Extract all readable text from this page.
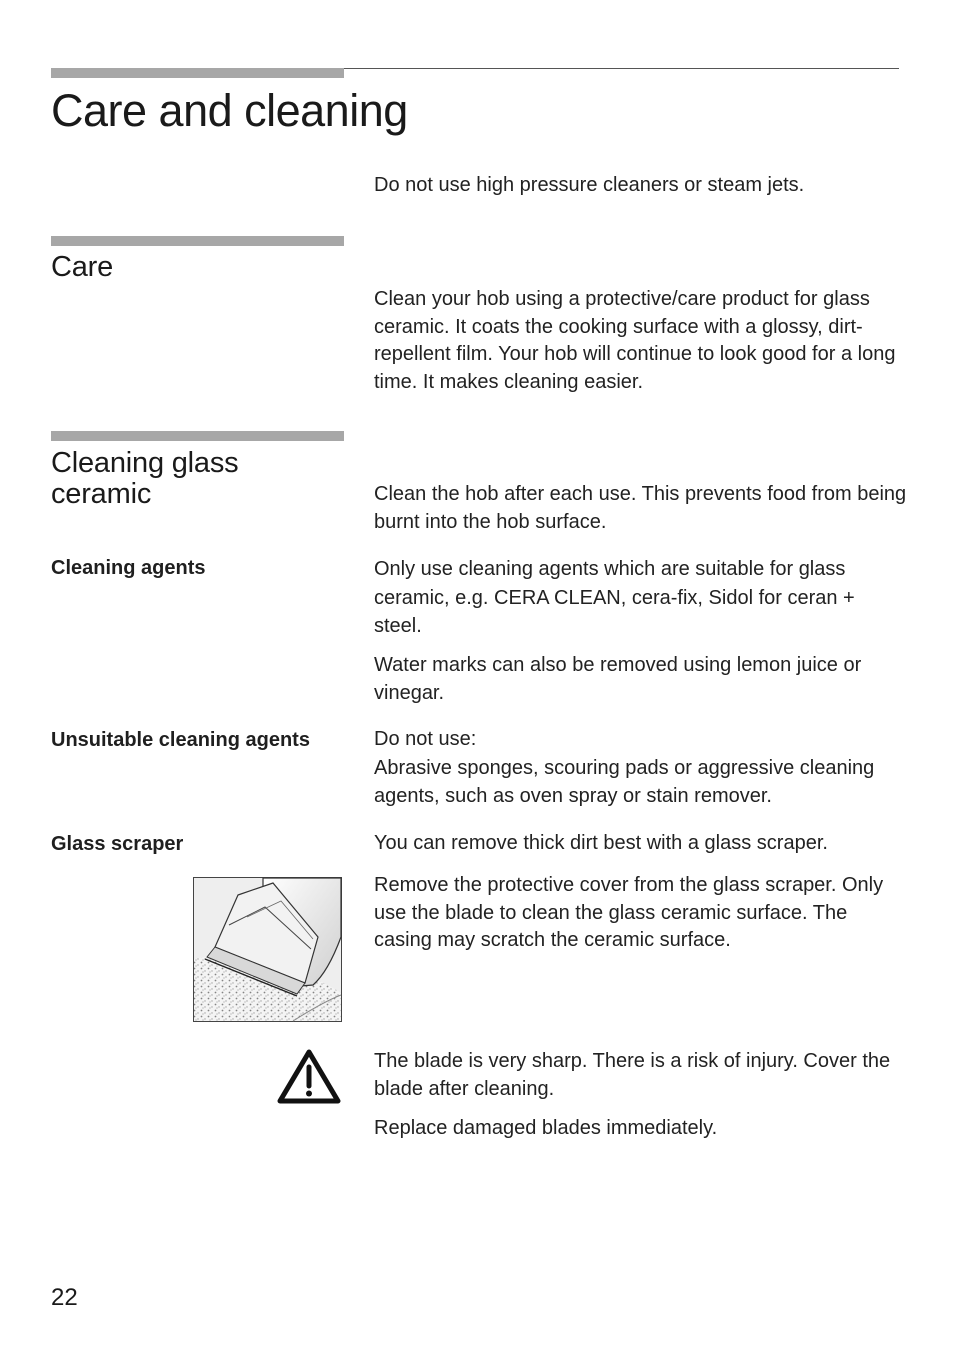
Care and cleaning
Do not use high pressure cleaners or steam jets.
Care
Clean your hob using a protective/care product for glass ceramic. It coats the cooking surface with a glossy, dirt-repellent film. Your hob will continue to look good for a long time. It makes cleaning easier.
Cleaning glass
ceramic	Clean the hob after each use. This prevents food from being burnt into the hob surface.
Cleaning agents	Only use cleaning agents which are suitable for glass ceramic, e.g. CERA CLEAN, cera-fix, Sidol for ceran + steel.
Water marks can also be removed using lemon juice or vinegar.
Unsuitable cleaning agents	Do not use:
Abrasive sponges, scouring pads or aggressive cleaning agents, such as oven spray or stain remover.
Glass scraper	You can remove thick dirt best with a glass scraper.
Remove the protective cover from the glass scraper. Only use the blade to clean the glass ceramic surface. The casing may scratch the ceramic surface.
The blade is very sharp. There is a risk of injury. Cover the blade after cleaning.
Replace damaged blades immediately.
22
